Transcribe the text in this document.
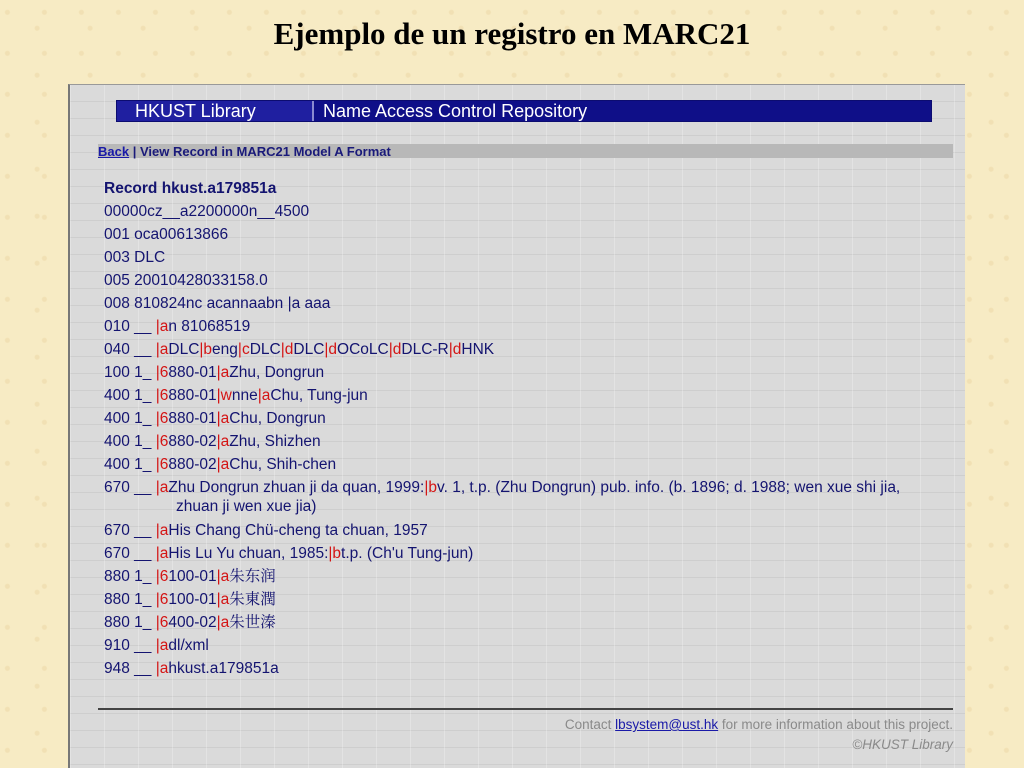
Ejemplo de un registro en MARC21
HKUST Library	Name Access Control Repository
Back | View Record in MARC21 Model A Format
Record hkust.a179851a
00000cz__a2200000n__4500
001 oca00613866
003 DLC
005 20010428033158.0
008 810824nc acannaabn |a aaa
010 __ |an 81068519
040 __ |aDLC|beng|cDLC|dDLC|dOCoLC|dDLC-R|dHNK
100 1_ |6880-01|aZhu, Dongrun
400 1_ |6880-01|wnne|aChu, Tung-jun
400 1_ |6880-01|aChu, Dongrun
400 1_ |6880-02|aZhu, Shizhen
400 1_ |6880-02|aChu, Shih-chen
670 __ |aZhu Dongrun zhuan ji da quan, 1999:|bv. 1, t.p. (Zhu Dongrun) pub. info. (b. 1896; d. 1988; wen xue shi jia, zhuan ji wen xue jia)
670 __ |aHis Chang Chü-cheng ta chuan, 1957
670 __ |aHis Lu Yu chuan, 1985:|bt.p. (Ch'u Tung-jun)
880 1_ |6100-01|a朱东润
880 1_ |6100-01|a朱東潤
880 1_ |6400-02|a朱世溱
910 __ |adl/xml
948 __ |ahkust.a179851a
Contact lbsystem@ust.hk for more information about this project.
©HKUST Library
